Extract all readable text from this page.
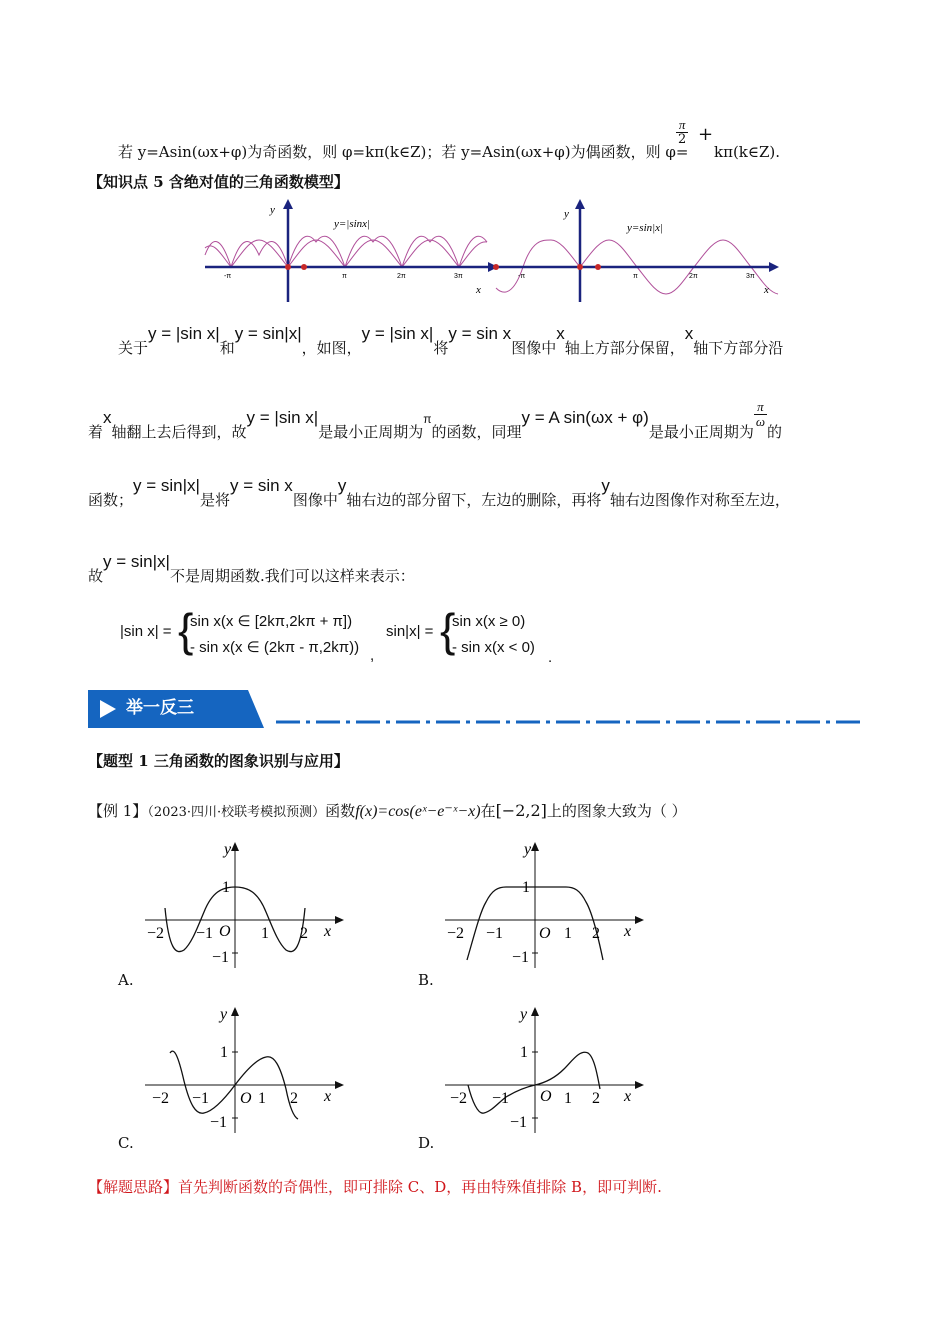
若 y=Asin(ωx+φ)为奇函数，则 φ=kπ(k∈Z)；若 y=Asin(ωx+φ)为偶函数，则 φ=
$\frac{\pi}{2}$ +
kπ(k∈Z).
【知识点 5 含绝对值的三角函数模型】
y
x
y=|sinx|
-π	π	2π	3π
y
x
y=sin|x|
-π	π	2π	3π
关于y = |sin x|和y = sin|x|，如图，y = |sin x|将y = sin x图像中x轴上方部分保留，x轴下方部分沿
着x轴翻上去后得到，故y = |sin x|是最小正周期为π的函数，同理y = A sin(ωx + φ)是最小正周期为
$\frac{\pi}{\omega}$
的
函数；y = sin|x|是将y = sin x图像中y轴右边的部分留下，左边的删除，再将y轴右边图像作对称至左边，
故y = sin|x|不是周期函数.我们可以这样来表示：
|sin x| = {
sin x(x ∈ [2kπ,2kπ + π])
- sin x(x ∈ (2kπ - π,2kπ)) ,
sin|x| = {
sin x(x ≥ 0)
- sin x(x < 0)
.
举一反三
【题型 1 三角函数的图象识别与应用】
【例 1】（2023·四川·校联考模拟预测）函数f(x)=cos(eˣ−e⁻ˣ−x)在[−2,2]上的图象大致为（ ）
y
x
O
−2 −1	1 2
1
−1
A.
y
x
O
−2 −1	1 2
1
−1
B.
y
x
O
−2 −1	1 2
1
−1
C.
y
x
O
−2 −1	1 2
1
−1
D.
【解题思路】首先判断函数的奇偶性，即可排除 C、D，再由特殊值排除 B，即可判断.
